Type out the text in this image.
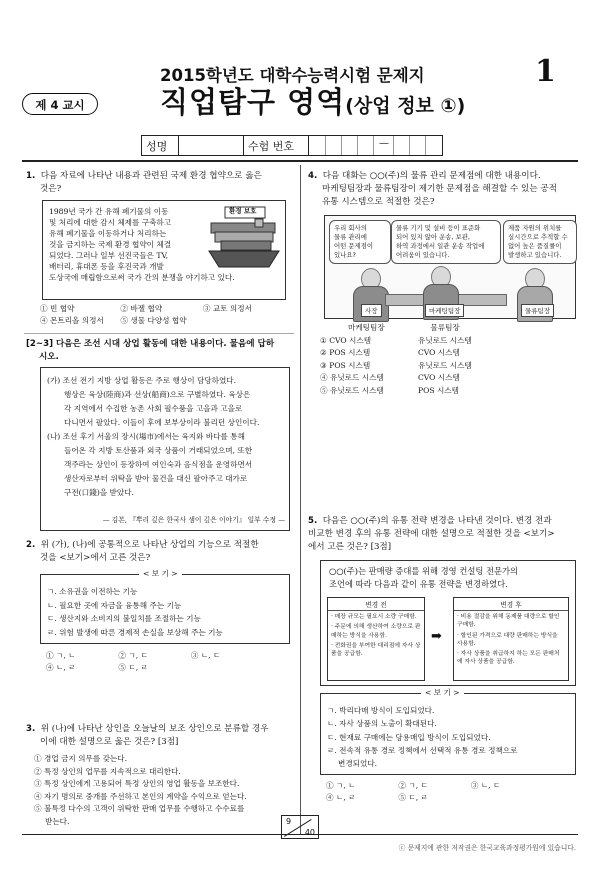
2015학년도 대학수능력시험 문제지	1
제 4 교시	직업탐구 영역(상업 정보 ①)
성명	수험 번호	—
1. 다음 자료에 나타난 내용과 관련된 국제 환경 협약으로 옳은
것은?
1989년 국가 간 유해 폐기물의 이동
및 처리에 대한 감시 체제를 구축하고
유해 폐기물을 이동하거나 처리하는
것을 금지하는 국제 환경 협약이 체결
되었다. 그러나 일부 선진국들은 TV,
배터리, 휴대폰 등을 후진국과 개발
도상국에 매립함으로써 국가 간의 분쟁을 야기하고 있다.
환경 보호
① 빈 협약	② 바젤 협약	③ 교토 의정서
④ 몬트리올 의정서 ⑤ 생물 다양성 협약
[2~3] 다음은 조선 시대 상업 활동에 대한 내용이다. 물음에 답하
시오.
(가) 조선 전기 지방 상업 활동은 주로 행상이 담당하였다.
행상은 육상(陸商)과 선상(船商)으로 구별하였다. 육상은
각 지역에서 수집한 농촌 사회 필수품을 고을과 고을로
다니면서 팔았다. 이들이 후에 보부상이라 불리던 상인이다.
(나) 조선 후기 서울의 장시(場市)에서는 육지와 바다를 통해
들어온 각 지방 토산품과 외국 상품이 거래되었으며, 또한
객주라는 상인이 등장하여 여인숙과 음식점을 운영하면서
생산자로부터 위탁을 받아 물건을 대신 팔아주고 대가로
구전(口錢)을 받았다.
— 김본, 『뿌리 깊은 한국사 샘이 깊은 이야기』 일부 수정 —
2. 위 (가), (나)에 공통적으로 나타난 상업의 기능으로 적절한
것을 <보기>에서 고른 것은?
< 보 기 >
ㄱ. 소유권을 이전하는 기능
ㄴ. 필요한 곳에 자금을 융통해 주는 기능
ㄷ. 생산지와 소비지의 불일치를 조절하는 기능
ㄹ. 위험 발생에 따른 경제적 손실을 보상해 주는 기능
① ㄱ, ㄴ	② ㄱ, ㄷ	③ ㄴ, ㄷ
④ ㄴ, ㄹ	⑤ ㄷ, ㄹ
3. 위 (나)에 나타난 상인을 오늘날의 보조 상인으로 분류할 경우
이에 대한 설명으로 옳은 것은? [3점]
① 경업 금지 의무를 갖는다.
② 특정 상인의 업무를 지속적으로 대리한다.
③ 특정 상인에게 고용되어 특정 상인의 영업 활동을 보조한다.
④ 자기 명의로 중개를 주선하고 본인의 계약을 수익으로 얻는다.
⑤ 불특정 다수의 고객이 위탁한 판매 업무를 수행하고 수수료를
받는다.
4. 다음 대화는 ○○(주)의 물류 관리 문제점에 대한 내용이다.
마케팅팀장과 물류팀장이 제기한 문제점을 해결할 수 있는 공적
유통 시스템으로 적절한 것은?
우리 회사의
물류 관리에
어떤 문제점이
있나요?
물류 기기 및 설비 등이 표준화
되어 있지 않아 운송, 보관,
하역 과정에서 일관 운송 작업에
어려움이 있습니다.
제품 자원의 위치를
실시간으로 추적할 수
없어 높은 품질률이
발생하고 있습니다.
사장	마케팅팀장	물류팀장
마케팅팀장	물류팀장
① CVO 시스템	유닛로드 시스템
② POS 시스템	CVO 시스템
③ POS 시스템	유닛로드 시스템
④ 유닛로드 시스템	CVO 시스템
⑤ 유닛로드 시스템	POS 시스템
5. 다음은 ○○(주)의 유통 전략 변경을 나타낸 것이다. 변경 전과
비교한 변경 후의 유통 전략에 대한 설명으로 적절한 것을 <보기>
에서 고른 것은? [3점]
○○(주)는 판매량 증대를 위해 경영 컨설팅 전문가의
조언에 따라 다음과 같이 유통 전략을 변경하였다.
변경 전
· 매장 규모는 필요시 소량 구매함.
· 주문에 의해 생산하여 소량으로 판매하는 방식을 사용함.
· 전화권을 부여한 대리점에 자사 상품을 공급함.
➡
변경 후
· 비용 절감을 위해 동제품 대량으로 할인 구매함.
· 할인된 가격으로 대량 판매하는 방식을 사용함.
· 자사 상품을 취급하지 하는 모든 판매처에 자사 상품을 공급함.
< 보 기 >
ㄱ. 박리다매 방식이 도입되었다.
ㄴ. 자사 상품의 노출이 확대된다.
ㄷ. 현재료 구매에는 당용매입 방식이 도입되었다.
ㄹ. 전속적 유통 경로 정책에서 선택적 유통 경로 정책으로
변경되었다.
① ㄱ, ㄴ	② ㄱ, ㄷ	③ ㄴ, ㄷ
④ ㄴ, ㄹ	⑤ ㄷ, ㄹ
9
40
ⓒ 문제지에 관한 저작권은 한국교육과정평가원에 있습니다.
